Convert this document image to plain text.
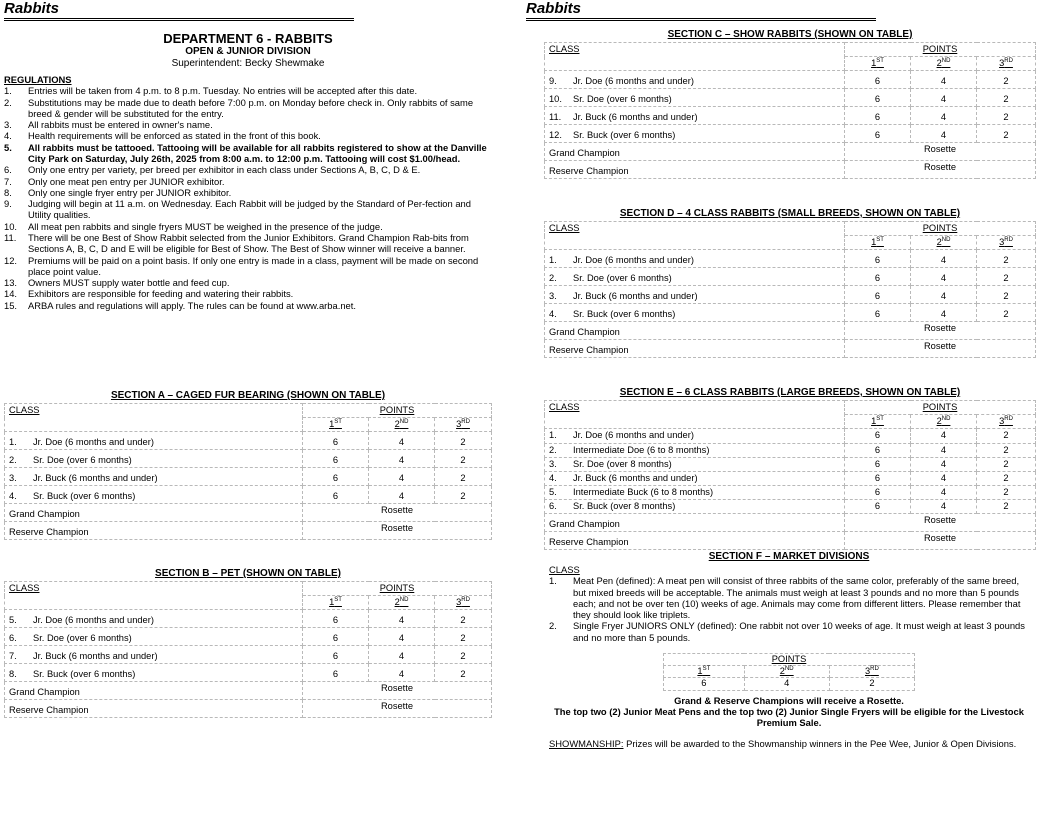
Rabbits
DEPARTMENT 6 - RABBITS
OPEN & JUNIOR DIVISION
Superintendent: Becky Shewmake
REGULATIONS
1.	Entries will be taken from 4 p.m. to 8 p.m. Tuesday. No entries will be accepted after this date.
2.	Substitutions may be made due to death before 7:00 p.m. on Monday before check in. Only rabbits of same breed & gender will be substituted for the entry.
3.	All rabbits must be entered in owner's name.
4.	Health requirements will be enforced as stated in the front of this book.
5.	All rabbits must be tattooed. Tattooing will be available for all rabbits registered to show at the Danville City Park on Saturday, July 26th, 2025 from 8:00 a.m. to 12:00 p.m. Tattooing will cost $1.00/head.
6.	Only one entry per variety, per breed per exhibitor in each class under Sections A, B, C, D & E.
7.	Only one meat pen entry per JUNIOR exhibitor.
8.	Only one single fryer entry per JUNIOR exhibitor.
9.	Judging will begin at 11 a.m. on Wednesday. Each Rabbit will be judged by the Standard of Per-fection and Utility qualities.
10.	All meat pen rabbits and single fryers MUST be weighed in the presence of the judge.
11.	There will be one Best of Show Rabbit selected from the Junior Exhibitors. Grand Champion Rab-bits from Sections A, B, C, D and E will be eligible for Best of Show. The Best of Show winner will receive a banner.
12.	Premiums will be paid on a point basis. If only one entry is made in a class, payment will be made on second place point value.
13.	Owners MUST supply water bottle and feed cup.
14.	Exhibitors are responsible for feeding and watering their rabbits.
15.	ARBA rules and regulations will apply. The rules can be found at www.arba.net.
SECTION A – CAGED FUR BEARING (SHOWN ON TABLE)
CLASS	POINTS		
	1ST	2ND	3RD
1. Jr. Doe (6 months and under)	6	4	2
2. Sr. Doe (over 6 months)	6	4	2
3. Jr. Buck (6 months and under)	6	4	2
4. Sr. Buck (over 6 months)	6	4	2
Grand Champion	Rosette		
Reserve Champion	Rosette		
SECTION B – PET (SHOWN ON TABLE)
CLASS	POINTS		
	1ST	2ND	3RD
5. Jr. Doe (6 months and under)	6	4	2
6. Sr. Doe (over 6 months)	6	4	2
7. Jr. Buck (6 months and under)	6	4	2
8. Sr. Buck (over 6 months)	6	4	2
Grand Champion	Rosette		
Reserve Champion	Rosette		
Rabbits
SECTION C – SHOW RABBITS (SHOWN ON TABLE)
CLASS	POINTS		
	1ST	2ND	3RD
9. Jr. Doe (6 months and under)	6	4	2
10. Sr. Doe (over 6 months)	6	4	2
11. Jr. Buck (6 months and under)	6	4	2
12. Sr. Buck (over 6 months)	6	4	2
Grand Champion	Rosette		
Reserve Champion	Rosette		
SECTION D – 4 CLASS RABBITS (SMALL BREEDS, SHOWN ON TABLE)
CLASS	POINTS		
	1ST	2ND	3RD
1. Jr. Doe (6 months and under)	6	4	2
2. Sr. Doe (over 6 months)	6	4	2
3. Jr. Buck (6 months and under)	6	4	2
4. Sr. Buck (over 6 months)	6	4	2
Grand Champion	Rosette		
Reserve Champion	Rosette		
SECTION E – 6 CLASS RABBITS (LARGE BREEDS, SHOWN ON TABLE)
CLASS	POINTS		
	1ST	2ND	3RD
1. Jr. Doe (6 months and under)	6	4	2
2. Intermediate Doe (6 to 8 months)	6	4	2
3. Sr. Doe (over 8 months)	6	4	2
4. Jr. Buck (6 months and under)	6	4	2
5. Intermediate Buck (6 to 8 months)	6	4	2
6. Sr. Buck (over 8 months)	6	4	2
Grand Champion	Rosette		
Reserve Champion	Rosette		
SECTION F – MARKET DIVISIONS
CLASS
1.	Meat Pen (defined): A meat pen will consist of three rabbits of the same color, preferably of the same breed, but mixed breeds will be acceptable. The animals must weigh at least 3 pounds and no more than 5 pounds each; and not be over ten (10) weeks of age. Animals may come from different litters. Please remember that they should look like triplets.
2.	Single Fryer JUNIORS ONLY (defined): One rabbit not over 10 weeks of age. It must weigh at least 3 pounds and no more than 5 pounds.
POINTS		
1ST	2ND	3RD
6	4	2
Grand & Reserve Champions will receive a Rosette.
The top two (2) Junior Meat Pens and the top two (2) Junior Single Fryers will be eligible for the Livestock Premium Sale.
SHOWMANSHIP: Prizes will be awarded to the Showmanship winners in the Pee Wee, Junior & Open Divisions.
